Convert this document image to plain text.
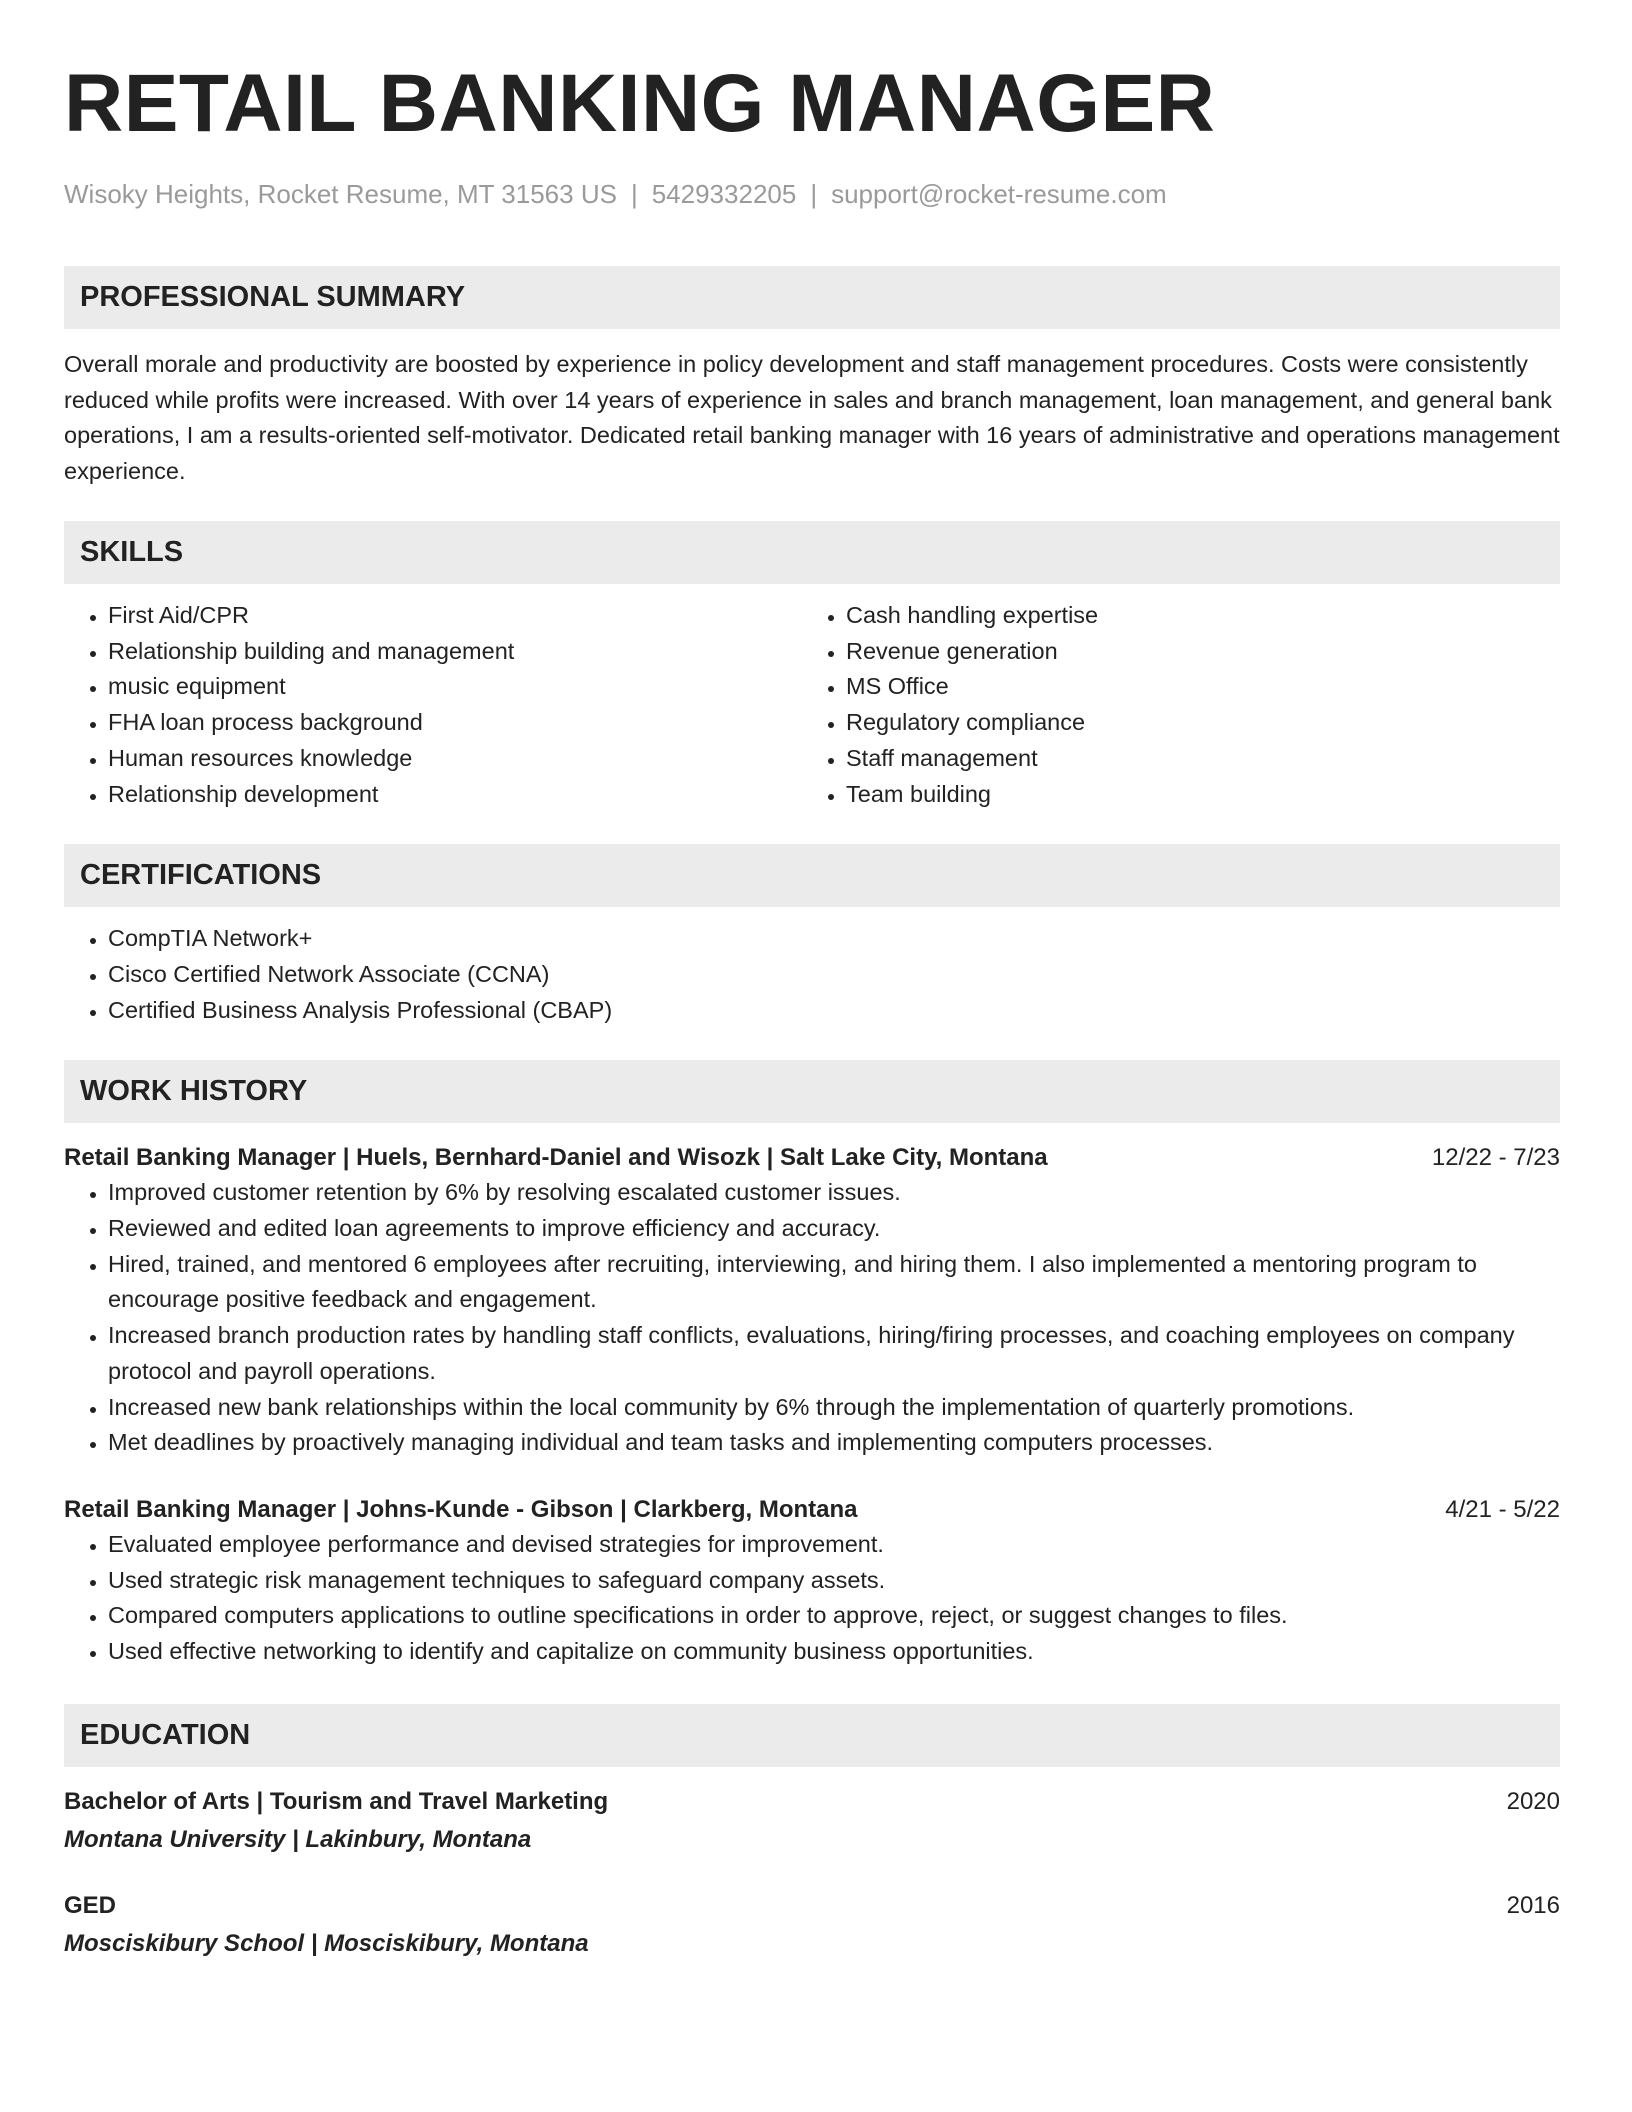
RETAIL BANKING MANAGER
Wisoky Heights, Rocket Resume, MT 31563 US | 5429332205 | support@rocket-resume.com
PROFESSIONAL SUMMARY
Overall morale and productivity are boosted by experience in policy development and staff management procedures. Costs were consistently reduced while profits were increased. With over 14 years of experience in sales and branch management, loan management, and general bank operations, I am a results-oriented self-motivator. Dedicated retail banking manager with 16 years of administrative and operations management experience.
SKILLS
• First Aid/CPR
• Relationship building and management
• music equipment
• FHA loan process background
• Human resources knowledge
• Relationship development
• Cash handling expertise
• Revenue generation
• MS Office
• Regulatory compliance
• Staff management
• Team building
CERTIFICATIONS
• CompTIA Network+
• Cisco Certified Network Associate (CCNA)
• Certified Business Analysis Professional (CBAP)
WORK HISTORY
Retail Banking Manager | Huels, Bernhard-Daniel and Wisozk | Salt Lake City, Montana	12/22 - 7/23
• Improved customer retention by 6% by resolving escalated customer issues.
• Reviewed and edited loan agreements to improve efficiency and accuracy.
• Hired, trained, and mentored 6 employees after recruiting, interviewing, and hiring them. I also implemented a mentoring program to encourage positive feedback and engagement.
• Increased branch production rates by handling staff conflicts, evaluations, hiring/firing processes, and coaching employees on company protocol and payroll operations.
• Increased new bank relationships within the local community by 6% through the implementation of quarterly promotions.
• Met deadlines by proactively managing individual and team tasks and implementing computers processes.
Retail Banking Manager | Johns-Kunde - Gibson | Clarkberg, Montana	4/21 - 5/22
• Evaluated employee performance and devised strategies for improvement.
• Used strategic risk management techniques to safeguard company assets.
• Compared computers applications to outline specifications in order to approve, reject, or suggest changes to files.
• Used effective networking to identify and capitalize on community business opportunities.
EDUCATION
Bachelor of Arts | Tourism and Travel Marketing	2020
Montana University | Lakinbury, Montana
GED	2016
Mosciskibury School | Mosciskibury, Montana
